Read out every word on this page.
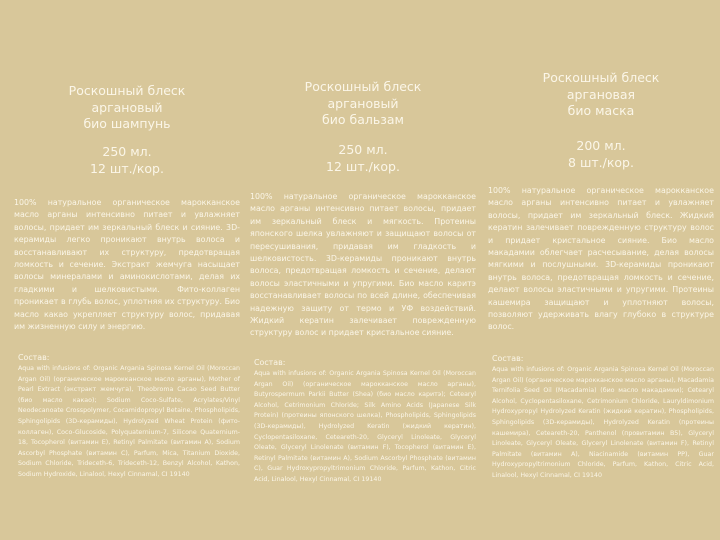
Роскошный блеск
аргановый
био шампунь
250 мл.
12 шт./кор.
100% натуральное органическое марокканское масло арганы интенсивно питает и увлажняет волосы, придает им зеркальный блеск и сияние. 3D-керамиды легко проникают внутрь волоса и восстанавливают их структуру, предотвращая ломкость и сечение. Экстракт жемчуга насыщает волосы минералами и аминокислотами, делая их гладкими и шелковистыми. Фито-коллаген проникает в глубь волос, уплотняя их структуру. Био масло какао укрепляет структуру волос, придавая им жизненную силу и энергию.
Состав:
Aqua with infusions of: Organic Argania Spinosa Kernel Oil (Moroccan Argan Oil) (органическое марокканское масло арганы), Mother of Pearl Extract (экстракт жемчуга), Theobroma Cacao Seed Butter (био масло какао); Sodium Coco-Sulfate, Acrylates/Vinyl Neodecanoate Crosspolymer, Cocamidopropyl Betaine, Phospholipids, Sphingolipids (3D-керамиды), Hydrolyzed Wheat Protein (фито-коллаген), Coco-Glucoside, Polyquaternium-7, Silicone Quaternium-18, Tocopherol (витамин Е), Retinyl Palmitate (витамин А), Sodium Ascorbyl Phosphate (витамин С), Parfum, Mica, Titanium Dioxide, Sodium Chloride, Trideceth-6, Trideceth-12, Benzyl Alcohol, Kathon, Sodium Hydroxide, Linalool, Hexyl Cinnamal, CI 19140
Роскошный блеск
аргановый
био бальзам
250 мл.
12 шт./кор.
100% натуральное органическое марокканское масло арганы интенсивно питает волосы, придает им зеркальный блеск и мягкость. Протеины японского шелка увлажняют и защищают волосы от пересушивания, придавая им гладкость и шелковистость. 3D-керамиды проникают внутрь волоса, предотвращая ломкость и сечение, делают волосы эластичными и упругими. Био масло каритэ восстанавливает волосы по всей длине, обеспечивая надежную защиту от термо и УФ воздействий. Жидкий кератин залечивает поврежденную структуру волос и придает кристальное сияние.
Состав:
Aqua with infusions of: Organic Argania Spinosa Kernel Oil (Moroccan Argan Oil) (органическое марокканское масло арганы), Butyrospermum Parkii Butter (Shea) (био масло каритэ); Cetearyl Alcohol, Cetrimonium Chloride; Silk Amino Acids (Japanese Silk Protein) (протеины японского шелка), Phospholipids, Sphingolipids (3D-керамиды), Hydrolyzed Keratin (жидкий кератин), Cyclopentasiloxane, Ceteareth-20, Glyceryl Linoleate, Glyceryl Oleate, Glyceryl Linolenate (витамин F), Tocopherol (витамин Е), Retinyl Palmitate (витамин А), Sodium Ascorbyl Phosphate (витамин С), Guar Hydroxypropyltrimonium Chloride, Parfum, Kathon, Citric Acid, Linalool, Hexyl Cinnamal, CI 19140
Роскошный блеск
аргановая
био маска
200 мл.
8 шт./кор.
100% натуральное органическое марокканское масло арганы интенсивно питает и увлажняет волосы, придает им зеркальный блеск. Жидкий кератин залечивает поврежденную структуру волос и придает кристальное сияние. Био масло макадамии облегчает расчесывание, делая волосы мягкими и послушными. 3D-керамиды проникают внутрь волоса, предотвращая ломкость и сечение, делают волосы эластичными и упругими. Протеины кашемира защищают и уплотняют волосы, позволяют удерживать влагу глубоко в структуре волос.
Состав:
Aqua with infusions of: Organic Argania Spinosa Kernel Oil (Moroccan Argan Oil) (органическое марокканское масло арганы), Macadamia Ternifolia Seed Oil (Macadamia) (био масло макадамии); Cetearyl Alcohol, Cyclopentasiloxane, Cetrimonium Chloride, Lauryldimonium Hydroxypropyl Hydrolyzed Keratin (жидкий кератин), Phospholipids, Sphingolipids (3D-керамиды), Hydrolyzed Keratin (протеины кашемира), Ceteareth-20, Panthenol (провитамин В5), Glyceryl Linoleate, Glyceryl Oleate, Glyceryl Linolenate (витамин F), Retinyl Palmitate (витамин А), Niacinamide (витамин PP), Guar Hydroxypropyltrimonium Chloride, Parfum, Kathon, Citric Acid, Linalool, Hexyl Cinnamal, CI 19140
